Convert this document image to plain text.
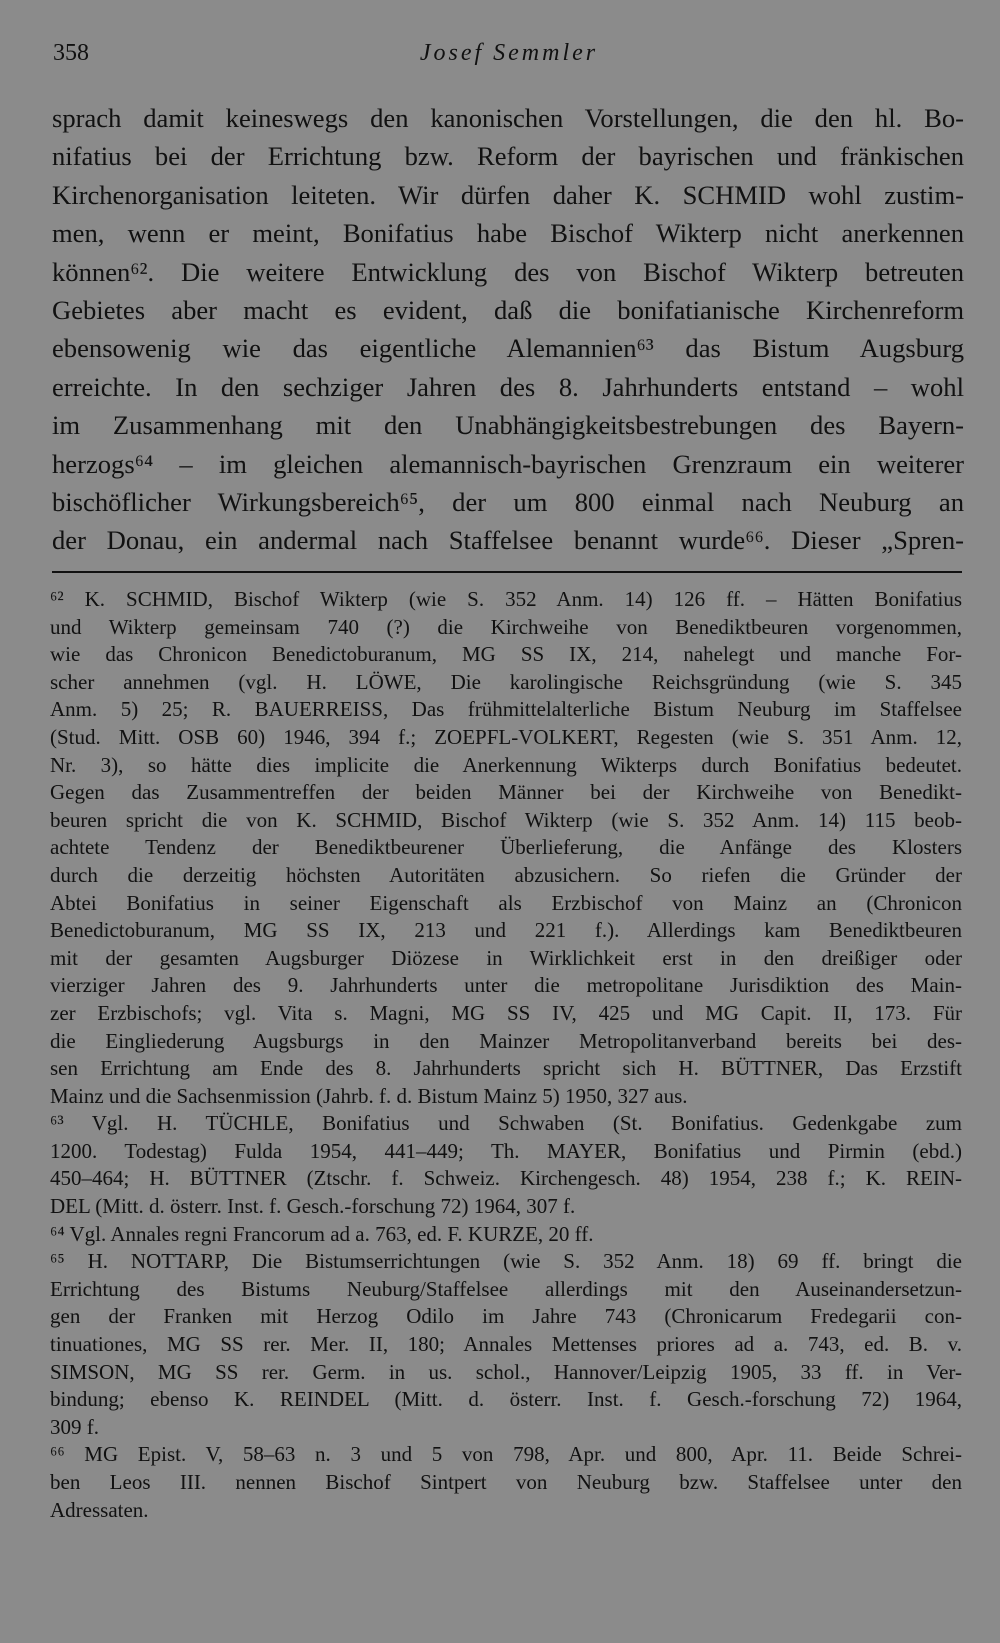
358	Josef Semmler
sprach damit keineswegs den kanonischen Vorstellungen, die den hl. Bo-
nifatius bei der Errichtung bzw. Reform der bayrischen und fränkischen
Kirchenorganisation leiteten. Wir dürfen daher K. SCHMID wohl zustim-
men, wenn er meint, Bonifatius habe Bischof Wikterp nicht anerkennen
können⁶². Die weitere Entwicklung des von Bischof Wikterp betreuten
Gebietes aber macht es evident, daß die bonifatianische Kirchenreform
ebensowenig wie das eigentliche Alemannien⁶³ das Bistum Augsburg
erreichte. In den sechziger Jahren des 8. Jahrhunderts entstand – wohl
im Zusammenhang mit den Unabhängigkeitsbestrebungen des Bayern-
herzogs⁶⁴ – im gleichen alemannisch-bayrischen Grenzraum ein weiterer
bischöflicher Wirkungsbereich⁶⁵, der um 800 einmal nach Neuburg an
der Donau, ein andermal nach Staffelsee benannt wurde⁶⁶. Dieser „Spren-
⁶² K. SCHMID, Bischof Wikterp (wie S. 352 Anm. 14) 126 ff. – Hätten Bonifatius
und Wikterp gemeinsam 740 (?) die Kirchweihe von Benediktbeuren vorgenommen,
wie das Chronicon Benedictoburanum, MG SS IX, 214, nahelegt und manche For-
scher annehmen (vgl. H. LÖWE, Die karolingische Reichsgründung (wie S. 345
Anm. 5) 25; R. BAUERREISS, Das frühmittelalterliche Bistum Neuburg im Staffelsee
(Stud. Mitt. OSB 60) 1946, 394 f.; ZOEPFL-VOLKERT, Regesten (wie S. 351 Anm. 12,
Nr. 3), so hätte dies implicite die Anerkennung Wikterps durch Bonifatius bedeutet.
Gegen das Zusammentreffen der beiden Männer bei der Kirchweihe von Benedikt-
beuren spricht die von K. SCHMID, Bischof Wikterp (wie S. 352 Anm. 14) 115 beob-
achtete Tendenz der Benediktbeurener Überlieferung, die Anfänge des Klosters
durch die derzeitig höchsten Autoritäten abzusichern. So riefen die Gründer der
Abtei Bonifatius in seiner Eigenschaft als Erzbischof von Mainz an (Chronicon
Benedictoburanum, MG SS IX, 213 und 221 f.). Allerdings kam Benediktbeuren
mit der gesamten Augsburger Diözese in Wirklichkeit erst in den dreißiger oder
vierziger Jahren des 9. Jahrhunderts unter die metropolitane Jurisdiktion des Main-
zer Erzbischofs; vgl. Vita s. Magni, MG SS IV, 425 und MG Capit. II, 173. Für
die Eingliederung Augsburgs in den Mainzer Metropolitanverband bereits bei des-
sen Errichtung am Ende des 8. Jahrhunderts spricht sich H. BÜTTNER, Das Erzstift
Mainz und die Sachsenmission (Jahrb. f. d. Bistum Mainz 5) 1950, 327 aus.
⁶³ Vgl. H. TÜCHLE, Bonifatius und Schwaben (St. Bonifatius. Gedenkgabe zum
1200. Todestag) Fulda 1954, 441–449; Th. MAYER, Bonifatius und Pirmin (ebd.)
450–464; H. BÜTTNER (Ztschr. f. Schweiz. Kirchengesch. 48) 1954, 238 f.; K. REIN-
DEL (Mitt. d. österr. Inst. f. Gesch.-forschung 72) 1964, 307 f.
⁶⁴ Vgl. Annales regni Francorum ad a. 763, ed. F. KURZE, 20 ff.
⁶⁵ H. NOTTARP, Die Bistumserrichtungen (wie S. 352 Anm. 18) 69 ff. bringt die
Errichtung des Bistums Neuburg/Staffelsee allerdings mit den Auseinandersetzun-
gen der Franken mit Herzog Odilo im Jahre 743 (Chronicarum Fredegarii con-
tinuationes, MG SS rer. Mer. II, 180; Annales Mettenses priores ad a. 743, ed. B. v.
SIMSON, MG SS rer. Germ. in us. schol., Hannover/Leipzig 1905, 33 ff. in Ver-
bindung; ebenso K. REINDEL (Mitt. d. österr. Inst. f. Gesch.-forschung 72) 1964,
309 f.
⁶⁶ MG Epist. V, 58–63 n. 3 und 5 von 798, Apr. und 800, Apr. 11. Beide Schrei-
ben Leos III. nennen Bischof Sintpert von Neuburg bzw. Staffelsee unter den
Adressaten.
